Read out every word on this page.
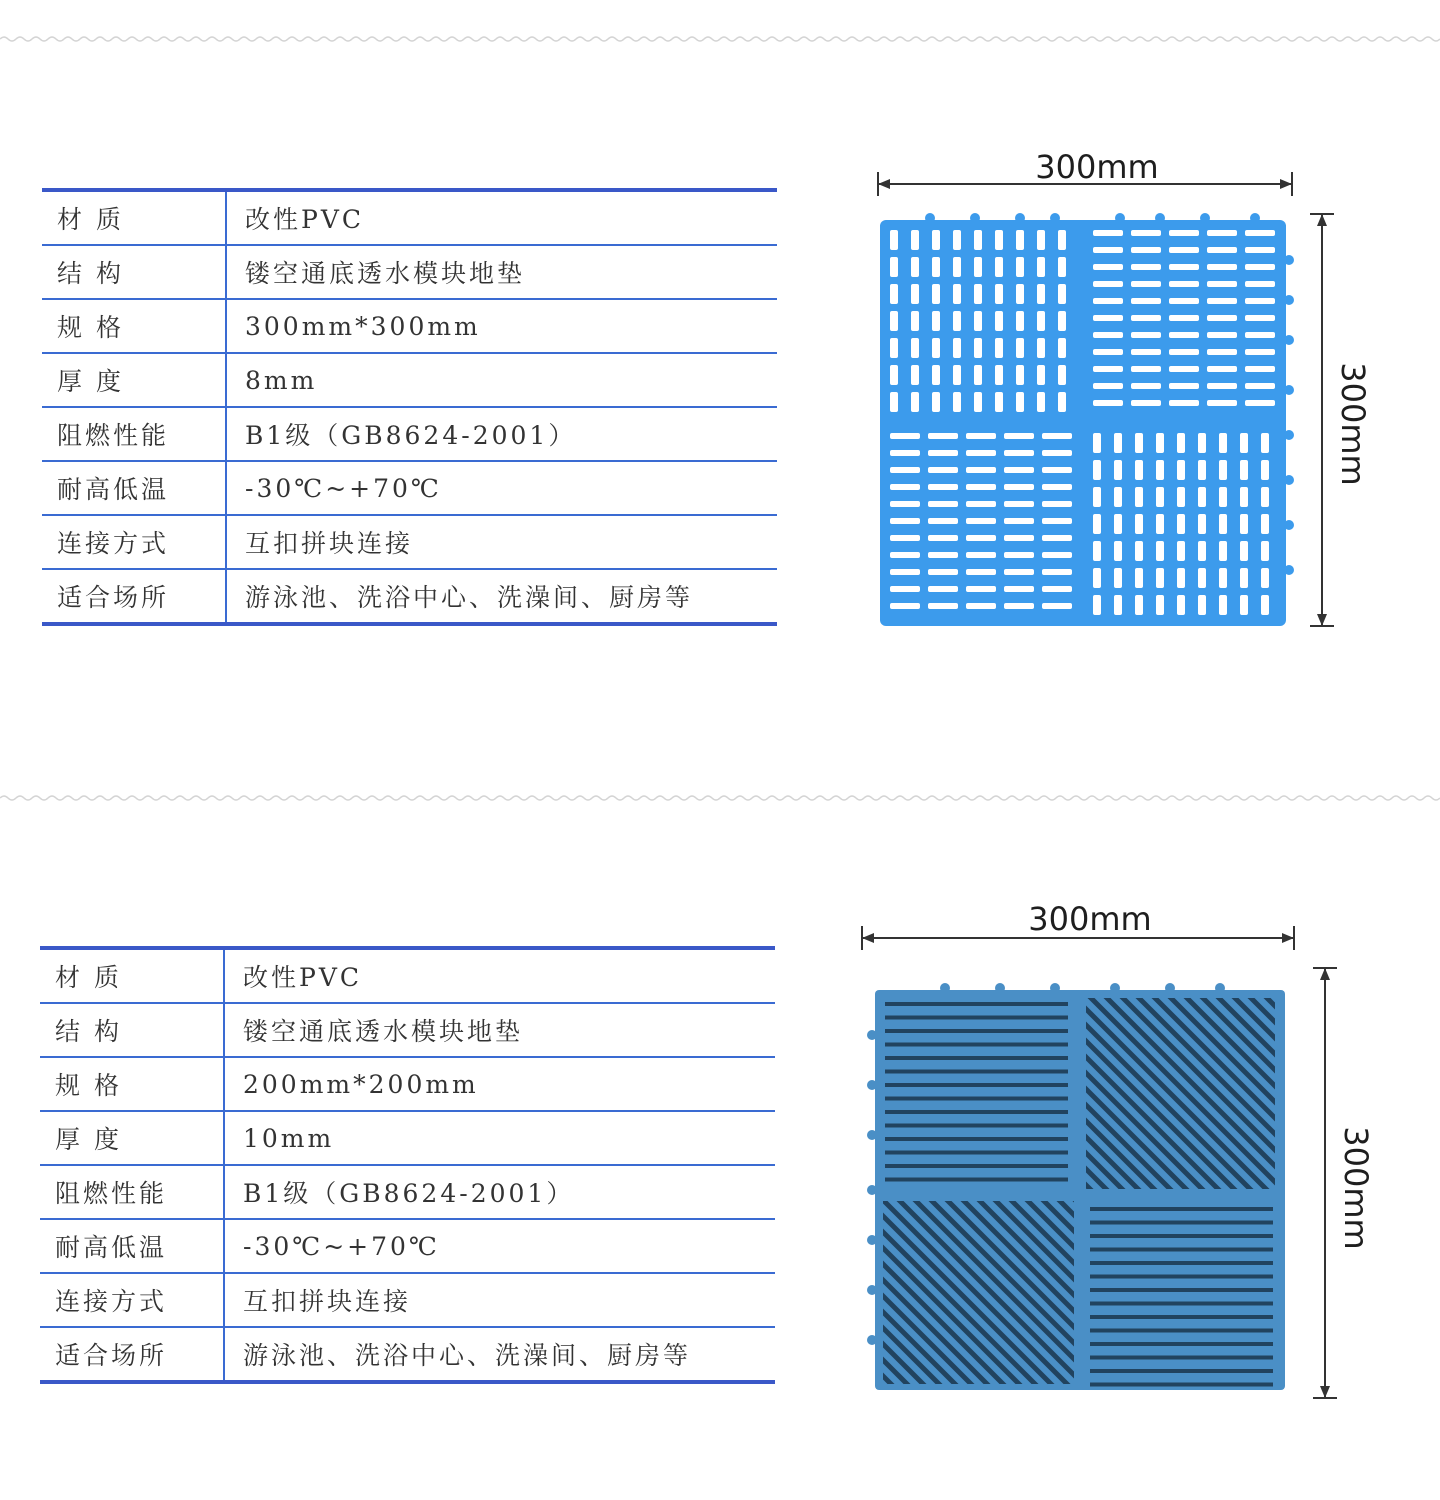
材 质	改性PVC
结 构	镂空通底透水模块地垫
规 格	300mm*300mm
厚 度	8mm
阻燃性能	B1级（GB8624-2001）
耐高低温	-30℃~+70℃
连接方式	互扣拼块连接
适合场所	游泳池、洗浴中心、洗澡间、厨房等
300mm
300mm
材 质	改性PVC
结 构	镂空通底透水模块地垫
规 格	200mm*200mm
厚 度	10mm
阻燃性能	B1级（GB8624-2001）
耐高低温	-30℃~+70℃
连接方式	互扣拼块连接
适合场所	游泳池、洗浴中心、洗澡间、厨房等
300mm
300mm
